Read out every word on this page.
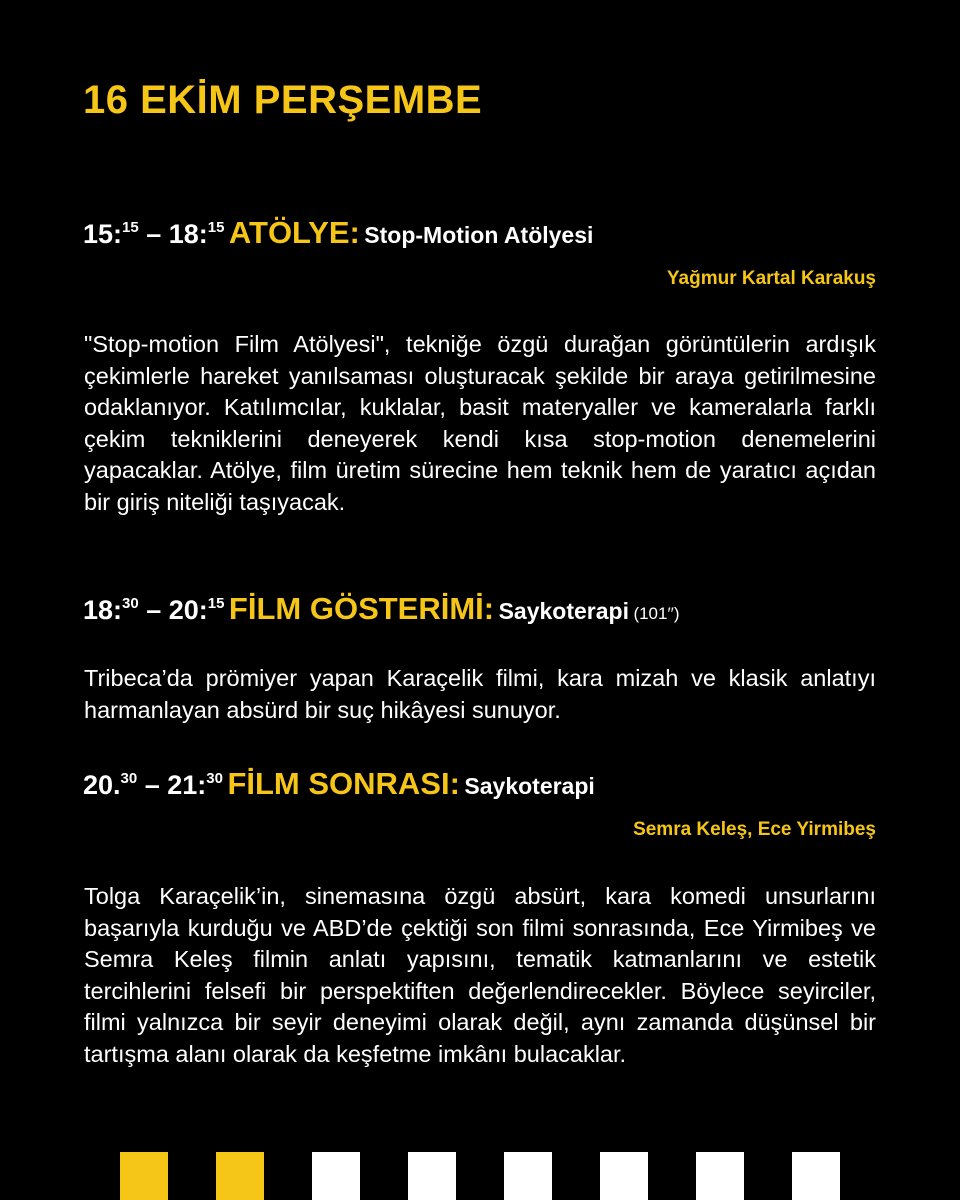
16 EKİM PERŞEMBE
15:$^{15}$ – 18:$^{15}$ ATÖLYE: Stop-Motion Atölyesi
Yağmur Kartal Karakuş

"Stop-motion Film Atölyesi", tekniğe özgü durağan görüntülerin ardışık çekimlerle hareket yanılsaması oluşturacak şekilde bir araya getirilmesine odaklanıyor. Katılımcılar, kuklalar, basit materyaller ve kameralarla farklı çekim tekniklerini deneyerek kendi kısa stop-motion denemelerini yapacaklar. Atölye, film üretim sürecine hem teknik hem de yaratıcı açıdan bir giriş niteliği taşıyacak.

18:$^{30}$ – 20:$^{15}$ FİLM GÖSTERİMİ: Saykoterapi (101′′)

Tribeca’da prömiyer yapan Karaçelik filmi, kara mizah ve klasik anlatıyı harmanlayan absürd bir suç hikâyesi sunuyor.

20.30 – 21:$^{30}$ FİLM SONRASI: Saykoterapi
Semra Keleş, Ece Yirmibeş

Tolga Karaçelik’in, sinemasına özgü absürt, kara komedi unsurlarını başarıyla kurduğu ve ABD’de çektiği son filmi sonrasında, Ece Yirmibeş ve Semra Keleş filmin anlatı yapısını, tematik katmanlarını ve estetik tercihlerini felsefi bir perspektiften değerlendirecekler. Böylece seyirciler, filmi yalnızca bir seyir deneyimi olarak değil, aynı zamanda düşünsel bir tartışma alanı olarak da keşfetme imkânı bulacaklar.
